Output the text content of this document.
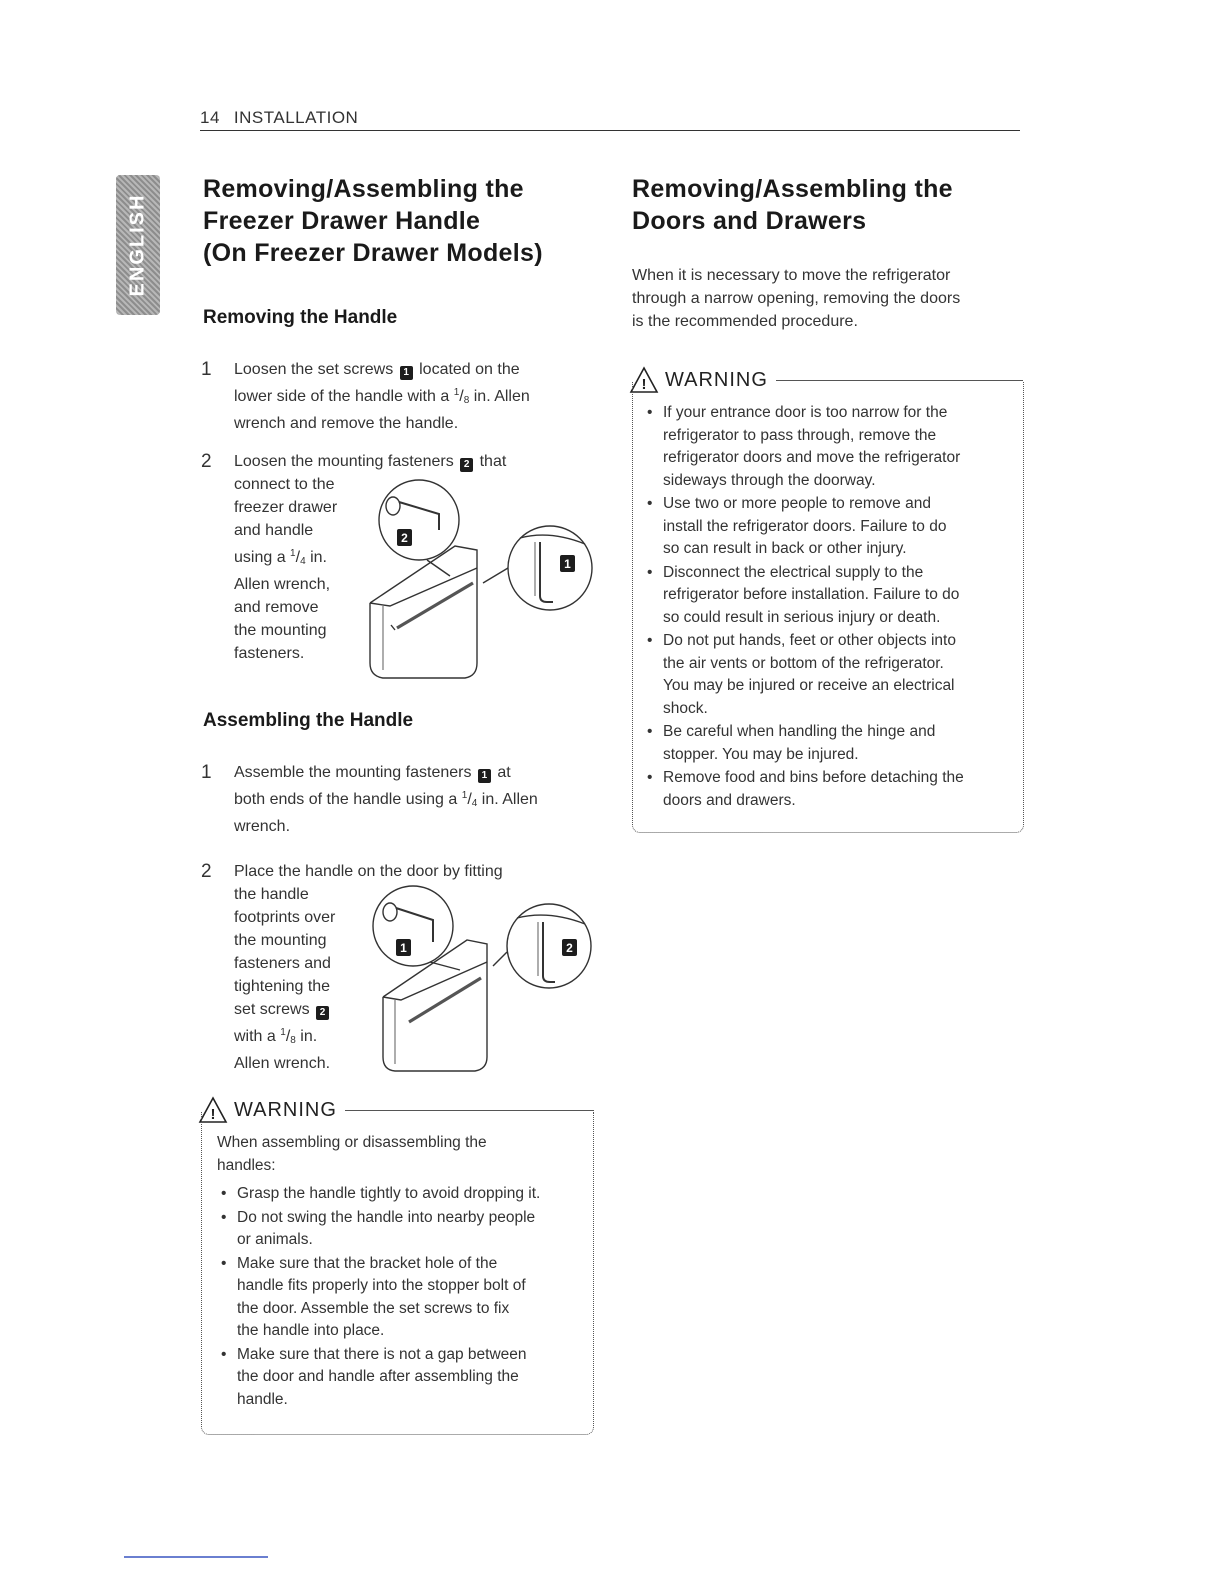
14 INSTALLATION
ENGLISH
Removing/Assembling the
Freezer Drawer Handle
(On Freezer Drawer Models)
Removing the Handle
1 Loosen the set screws 1 located on the
lower side of the handle with a $^1/_8$ in. Allen
wrench and remove the handle.
2 Loosen the mounting fasteners 2 that
connect to the
freezer drawer
and handle
using a $^1/_4$ in.
Allen wrench,
and remove
the mounting
fasteners.
2
1
Assembling the Handle
1 Assemble the mounting fasteners 1 at
both ends of the handle using a $^1/_4$ in. Allen
wrench.
2 Place the handle on the door by fitting
the handle
footprints over
the mounting
fasteners and
tightening the
set screws 2
with a $^1/_8$ in.
Allen wrench.
1	2
! WARNING
When assembling or disassembling the
handles:
• Grasp the handle tightly to avoid dropping it.
• Do not swing the handle into nearby people
or animals.
• Make sure that the bracket hole of the
handle fits properly into the stopper bolt of
the door. Assemble the set screws to fix
the handle into place.
• Make sure that there is not a gap between
the door and handle after assembling the
handle.
Removing/Assembling the
Doors and Drawers
When it is necessary to move the refrigerator
through a narrow opening, removing the doors
is the recommended procedure.
! WARNING
• If your entrance door is too narrow for the
refrigerator to pass through, remove the
refrigerator doors and move the refrigerator
sideways through the doorway.
• Use two or more people to remove and
install the refrigerator doors. Failure to do
so can result in back or other injury.
• Disconnect the electrical supply to the
refrigerator before installation. Failure to do
so could result in serious injury or death.
• Do not put hands, feet or other objects into
the air vents or bottom of the refrigerator.
You may be injured or receive an electrical
shock.
• Be careful when handling the hinge and
stopper. You may be injured.
• Remove food and bins before detaching the
doors and drawers.
